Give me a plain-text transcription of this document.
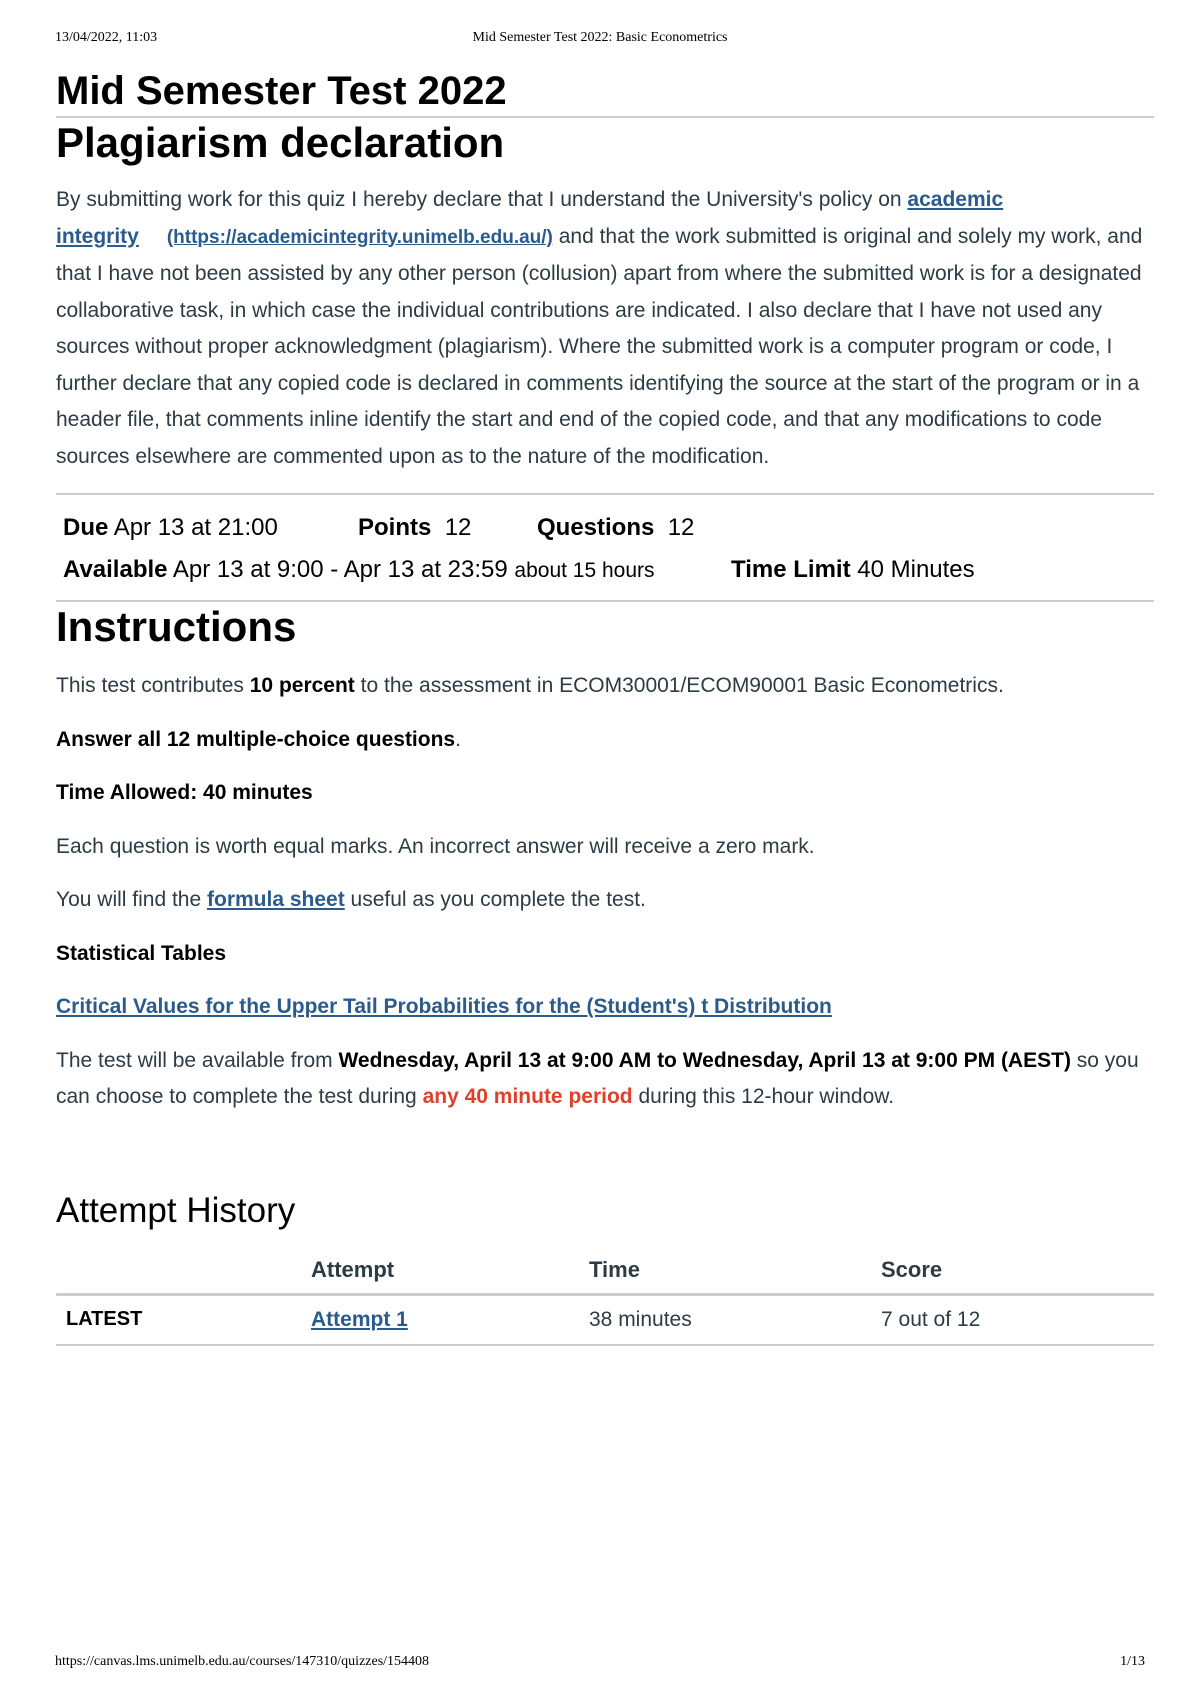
13/04/2022, 11:03	Mid Semester Test 2022: Basic Econometrics
Mid Semester Test 2022
Plagiarism declaration

By submitting work for this quiz I hereby declare that I understand the University's policy on academic integrity (https://academicintegrity.unimelb.edu.au/) and that the work submitted is original and solely my work, and that I have not been assisted by any other person (collusion) apart from where the submitted work is for a designated collaborative task, in which case the individual contributions are indicated. I also declare that I have not used any sources without proper acknowledgment (plagiarism). Where the submitted work is a computer program or code, I further declare that any copied code is declared in comments identifying the source at the start of the program or in a header file, that comments inline identify the start and end of the copied code, and that any modifications to code sources elsewhere are commented upon as to the nature of the modification.

Due Apr 13 at 21:00	Points 12	Questions 12
Available Apr 13 at 9:00 - Apr 13 at 23:59 about 15 hours	Time Limit 40 Minutes
Instructions

This test contributes 10 percent to the assessment in ECOM30001/ECOM90001 Basic Econometrics.

Answer all 12 multiple-choice questions.

Time Allowed: 40 minutes

Each question is worth equal marks. An incorrect answer will receive a zero mark.

You will find the formula sheet useful as you complete the test.

Statistical Tables

Critical Values for the Upper Tail Probabilities for the (Student's) t Distribution

The test will be available from Wednesday, April 13 at 9:00 AM to Wednesday, April 13 at 9:00 PM (AEST) so you can choose to complete the test during any 40 minute period during this 12-hour window.

Attempt History
	Attempt	Time	Score
LATEST	Attempt 1	38 minutes	7 out of 12
https://canvas.lms.unimelb.edu.au/courses/147310/quizzes/154408	1/13
